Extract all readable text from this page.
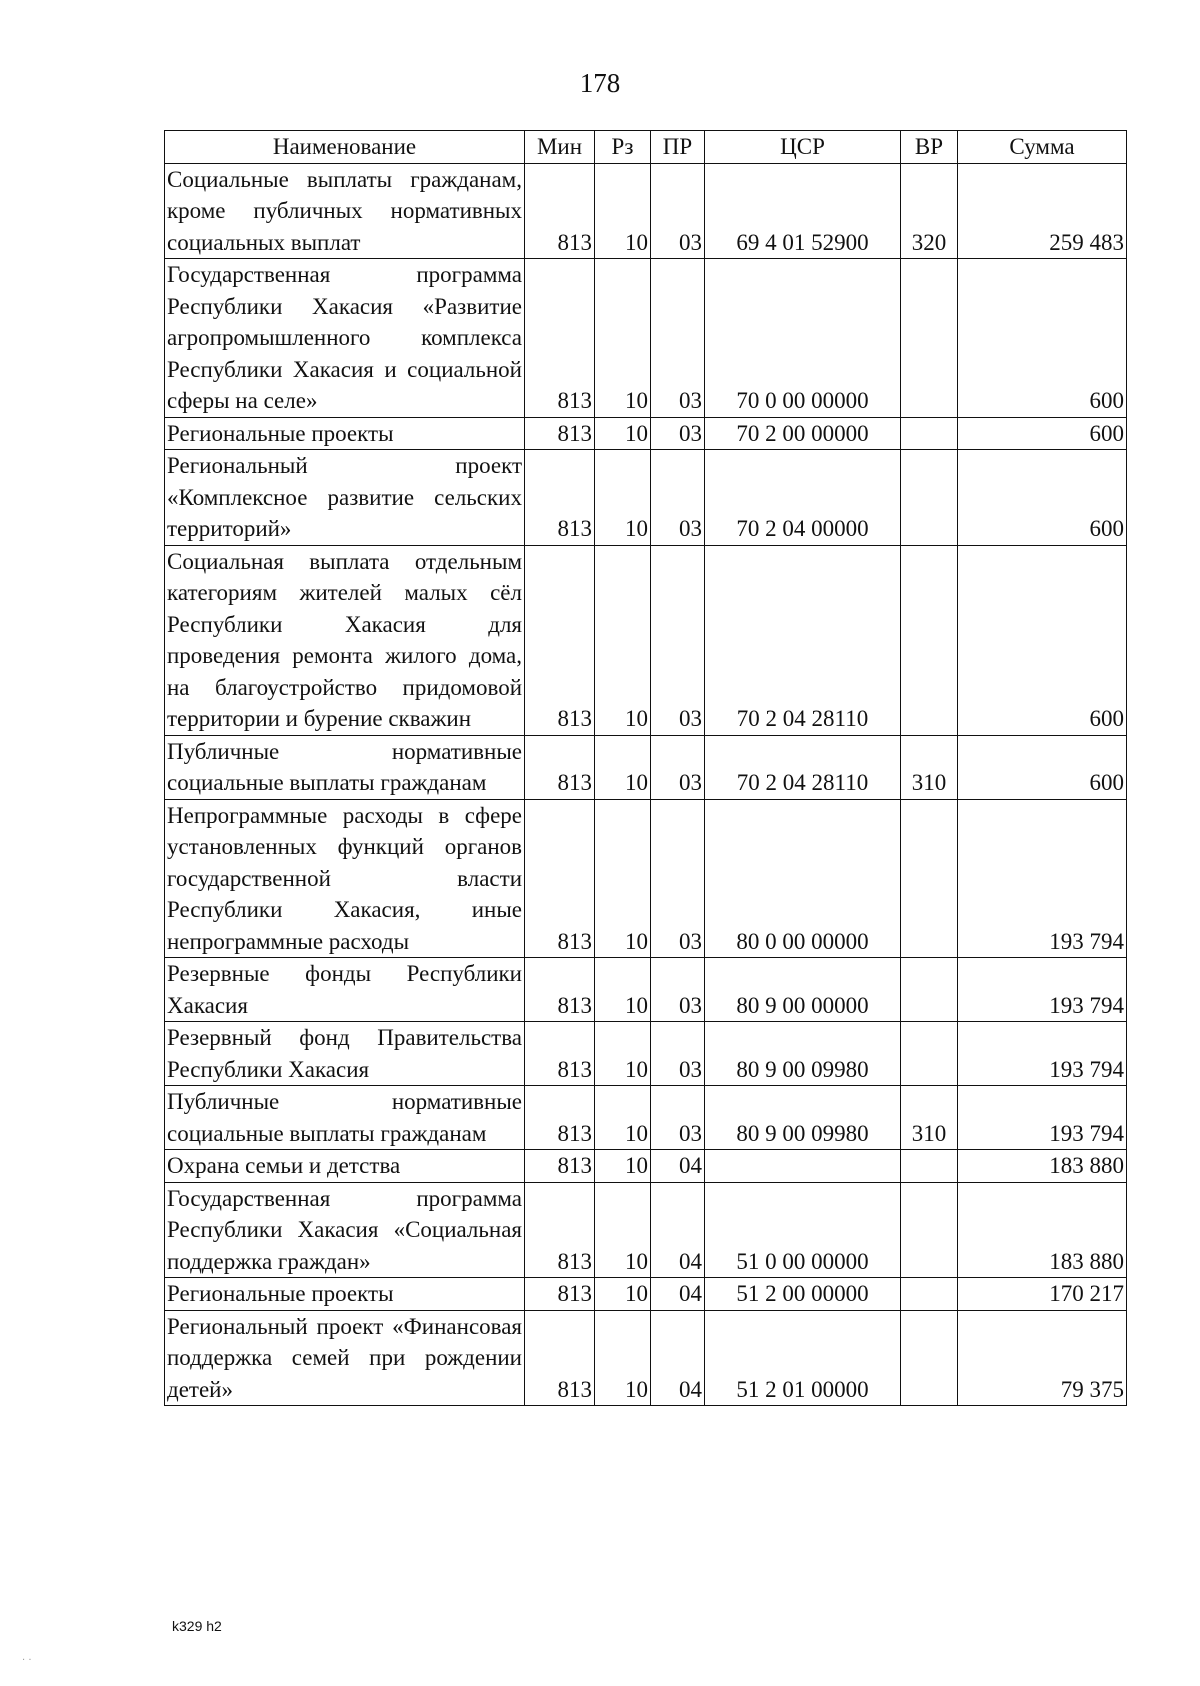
178
Наименование	Мин	Рз	ПР	ЦСР	ВР	Сумма
Социальные выплаты гражданам, кроме публичных нормативных социальных выплат	813	10	03	69 4 01 52900	320	259 483
Государственная программа Республики Хакасия «Развитие агропромышленного комплекса Республики Хакасия и социальной сферы на селе»	813	10	03	70 0 00 00000		600
Региональные проекты	813	10	03	70 2 00 00000		600
Региональный проект «Комплексное развитие сельских территорий»	813	10	03	70 2 04 00000		600
Социальная выплата отдельным категориям жителей малых сёл Республики Хакасия для проведения ремонта жилого дома, на благоустройство придомовой территории и бурение скважин	813	10	03	70 2 04 28110		600
Публичные нормативные социальные выплаты гражданам	813	10	03	70 2 04 28110	310	600
Непрограммные расходы в сфере установленных функций органов государственной власти Республики Хакасия, иные непрограммные расходы	813	10	03	80 0 00 00000		193 794
Резервные фонды Республики Хакасия	813	10	03	80 9 00 00000		193 794
Резервный фонд Правительства Республики Хакасия	813	10	03	80 9 00 09980		193 794
Публичные нормативные социальные выплаты гражданам	813	10	03	80 9 00 09980	310	193 794
Охрана семьи и детства	813	10	04			183 880
Государственная программа Республики Хакасия «Социальная поддержка граждан»	813	10	04	51 0 00 00000		183 880
Региональные проекты	813	10	04	51 2 00 00000		170 217
Региональный проект «Финансовая поддержка семей при рождении детей»	813	10	04	51 2 01 00000		79 375
k329 h2
· ·
